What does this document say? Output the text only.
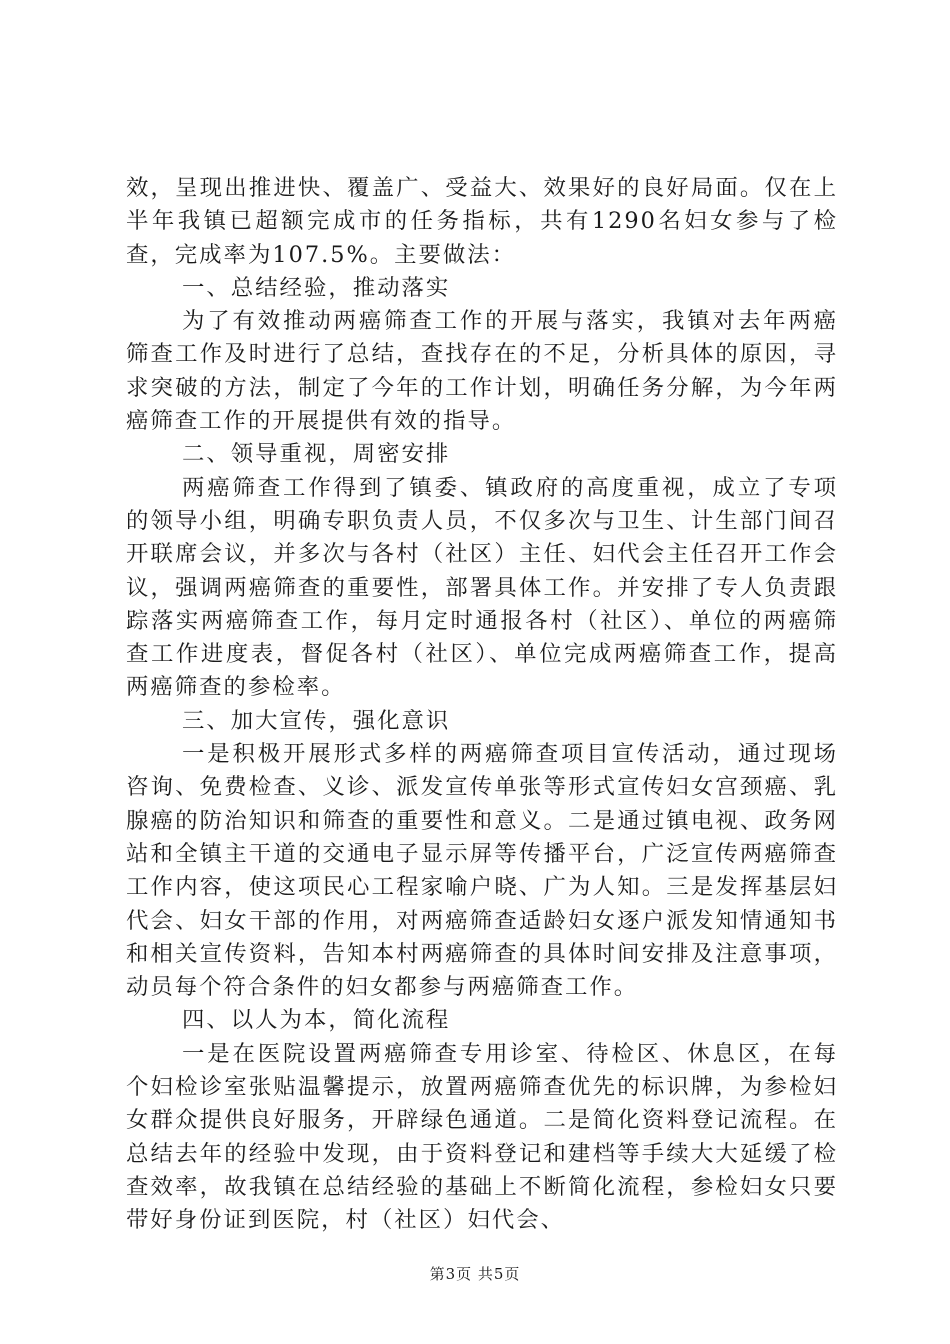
效，呈现出推进快、覆盖广、受益大、效果好的良好局面。仅在上半年我镇已超额完成市的任务指标，共有1290名妇女参与了检查，完成率为107.5%。主要做法：

一、总结经验，推动落实

为了有效推动两癌筛查工作的开展与落实，我镇对去年两癌筛查工作及时进行了总结，查找存在的不足，分析具体的原因，寻求突破的方法，制定了今年的工作计划，明确任务分解，为今年两癌筛查工作的开展提供有效的指导。

二、领导重视，周密安排

两癌筛查工作得到了镇委、镇政府的高度重视，成立了专项的领导小组，明确专职负责人员，不仅多次与卫生、计生部门间召开联席会议，并多次与各村（社区）主任、妇代会主任召开工作会议，强调两癌筛查的重要性，部署具体工作。并安排了专人负责跟踪落实两癌筛查工作，每月定时通报各村（社区）、单位的两癌筛查工作进度表，督促各村（社区）、单位完成两癌筛查工作，提高两癌筛查的参检率。

三、加大宣传，强化意识

一是积极开展形式多样的两癌筛查项目宣传活动，通过现场咨询、免费检查、义诊、派发宣传单张等形式宣传妇女宫颈癌、乳腺癌的防治知识和筛查的重要性和意义。二是通过镇电视、政务网站和全镇主干道的交通电子显示屏等传播平台，广泛宣传两癌筛查工作内容，使这项民心工程家喻户晓、广为人知。三是发挥基层妇代会、妇女干部的作用，对两癌筛查适龄妇女逐户派发知情通知书和相关宣传资料，告知本村两癌筛查的具体时间安排及注意事项，动员每个符合条件的妇女都参与两癌筛查工作。

四、以人为本，简化流程

一是在医院设置两癌筛查专用诊室、待检区、休息区，在每个妇检诊室张贴温馨提示，放置两癌筛查优先的标识牌，为参检妇女群众提供良好服务，开辟绿色通道。二是简化资料登记流程。在总结去年的经验中发现，由于资料登记和建档等手续大大延缓了检查效率，故我镇在总结经验的基础上不断简化流程，参检妇女只要带好身份证到医院，村（社区）妇代会、

第3页 共5页
